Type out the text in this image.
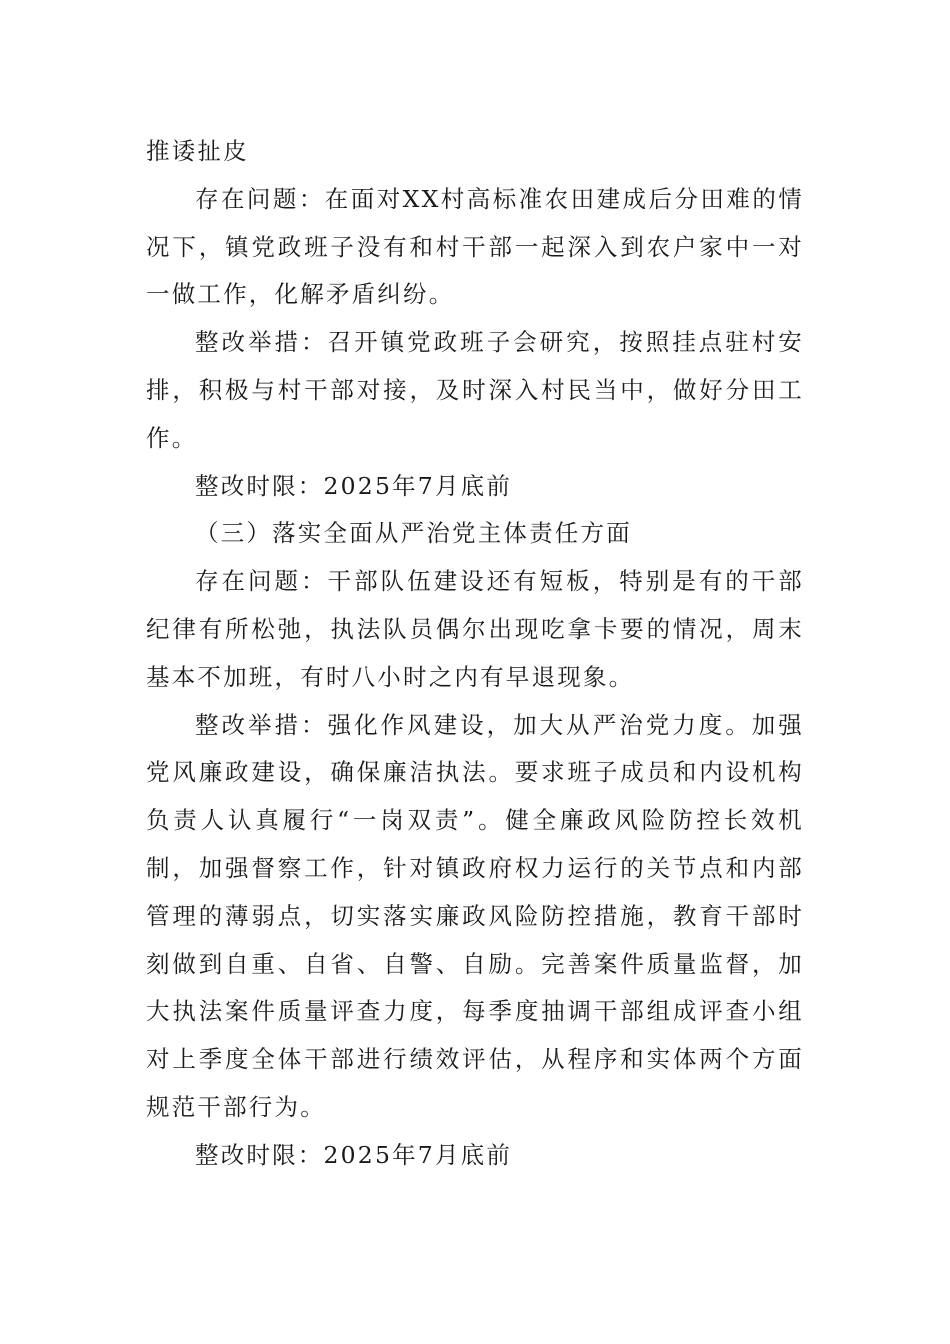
推诿扯皮

存在问题：在面对XX村高标准农田建成后分田难的情况下，镇党政班子没有和村干部一起深入到农户家中一对一做工作，化解矛盾纠纷。

整改举措：召开镇党政班子会研究，按照挂点驻村安排，积极与村干部对接，及时深入村民当中，做好分田工作。

整改时限：2025年7月底前

（三）落实全面从严治党主体责任方面

存在问题：干部队伍建设还有短板，特别是有的干部纪律有所松弛，执法队员偶尔出现吃拿卡要的情况，周末基本不加班，有时八小时之内有早退现象。

整改举措：强化作风建设，加大从严治党力度。加强党风廉政建设，确保廉洁执法。要求班子成员和内设机构负责人认真履行“一岗双责”。健全廉政风险防控长效机制，加强督察工作，针对镇政府权力运行的关节点和内部管理的薄弱点，切实落实廉政风险防控措施，教育干部时刻做到自重、自省、自警、自励。完善案件质量监督，加大执法案件质量评查力度，每季度抽调干部组成评查小组对上季度全体干部进行绩效评估，从程序和实体两个方面规范干部行为。

整改时限：2025年7月底前
